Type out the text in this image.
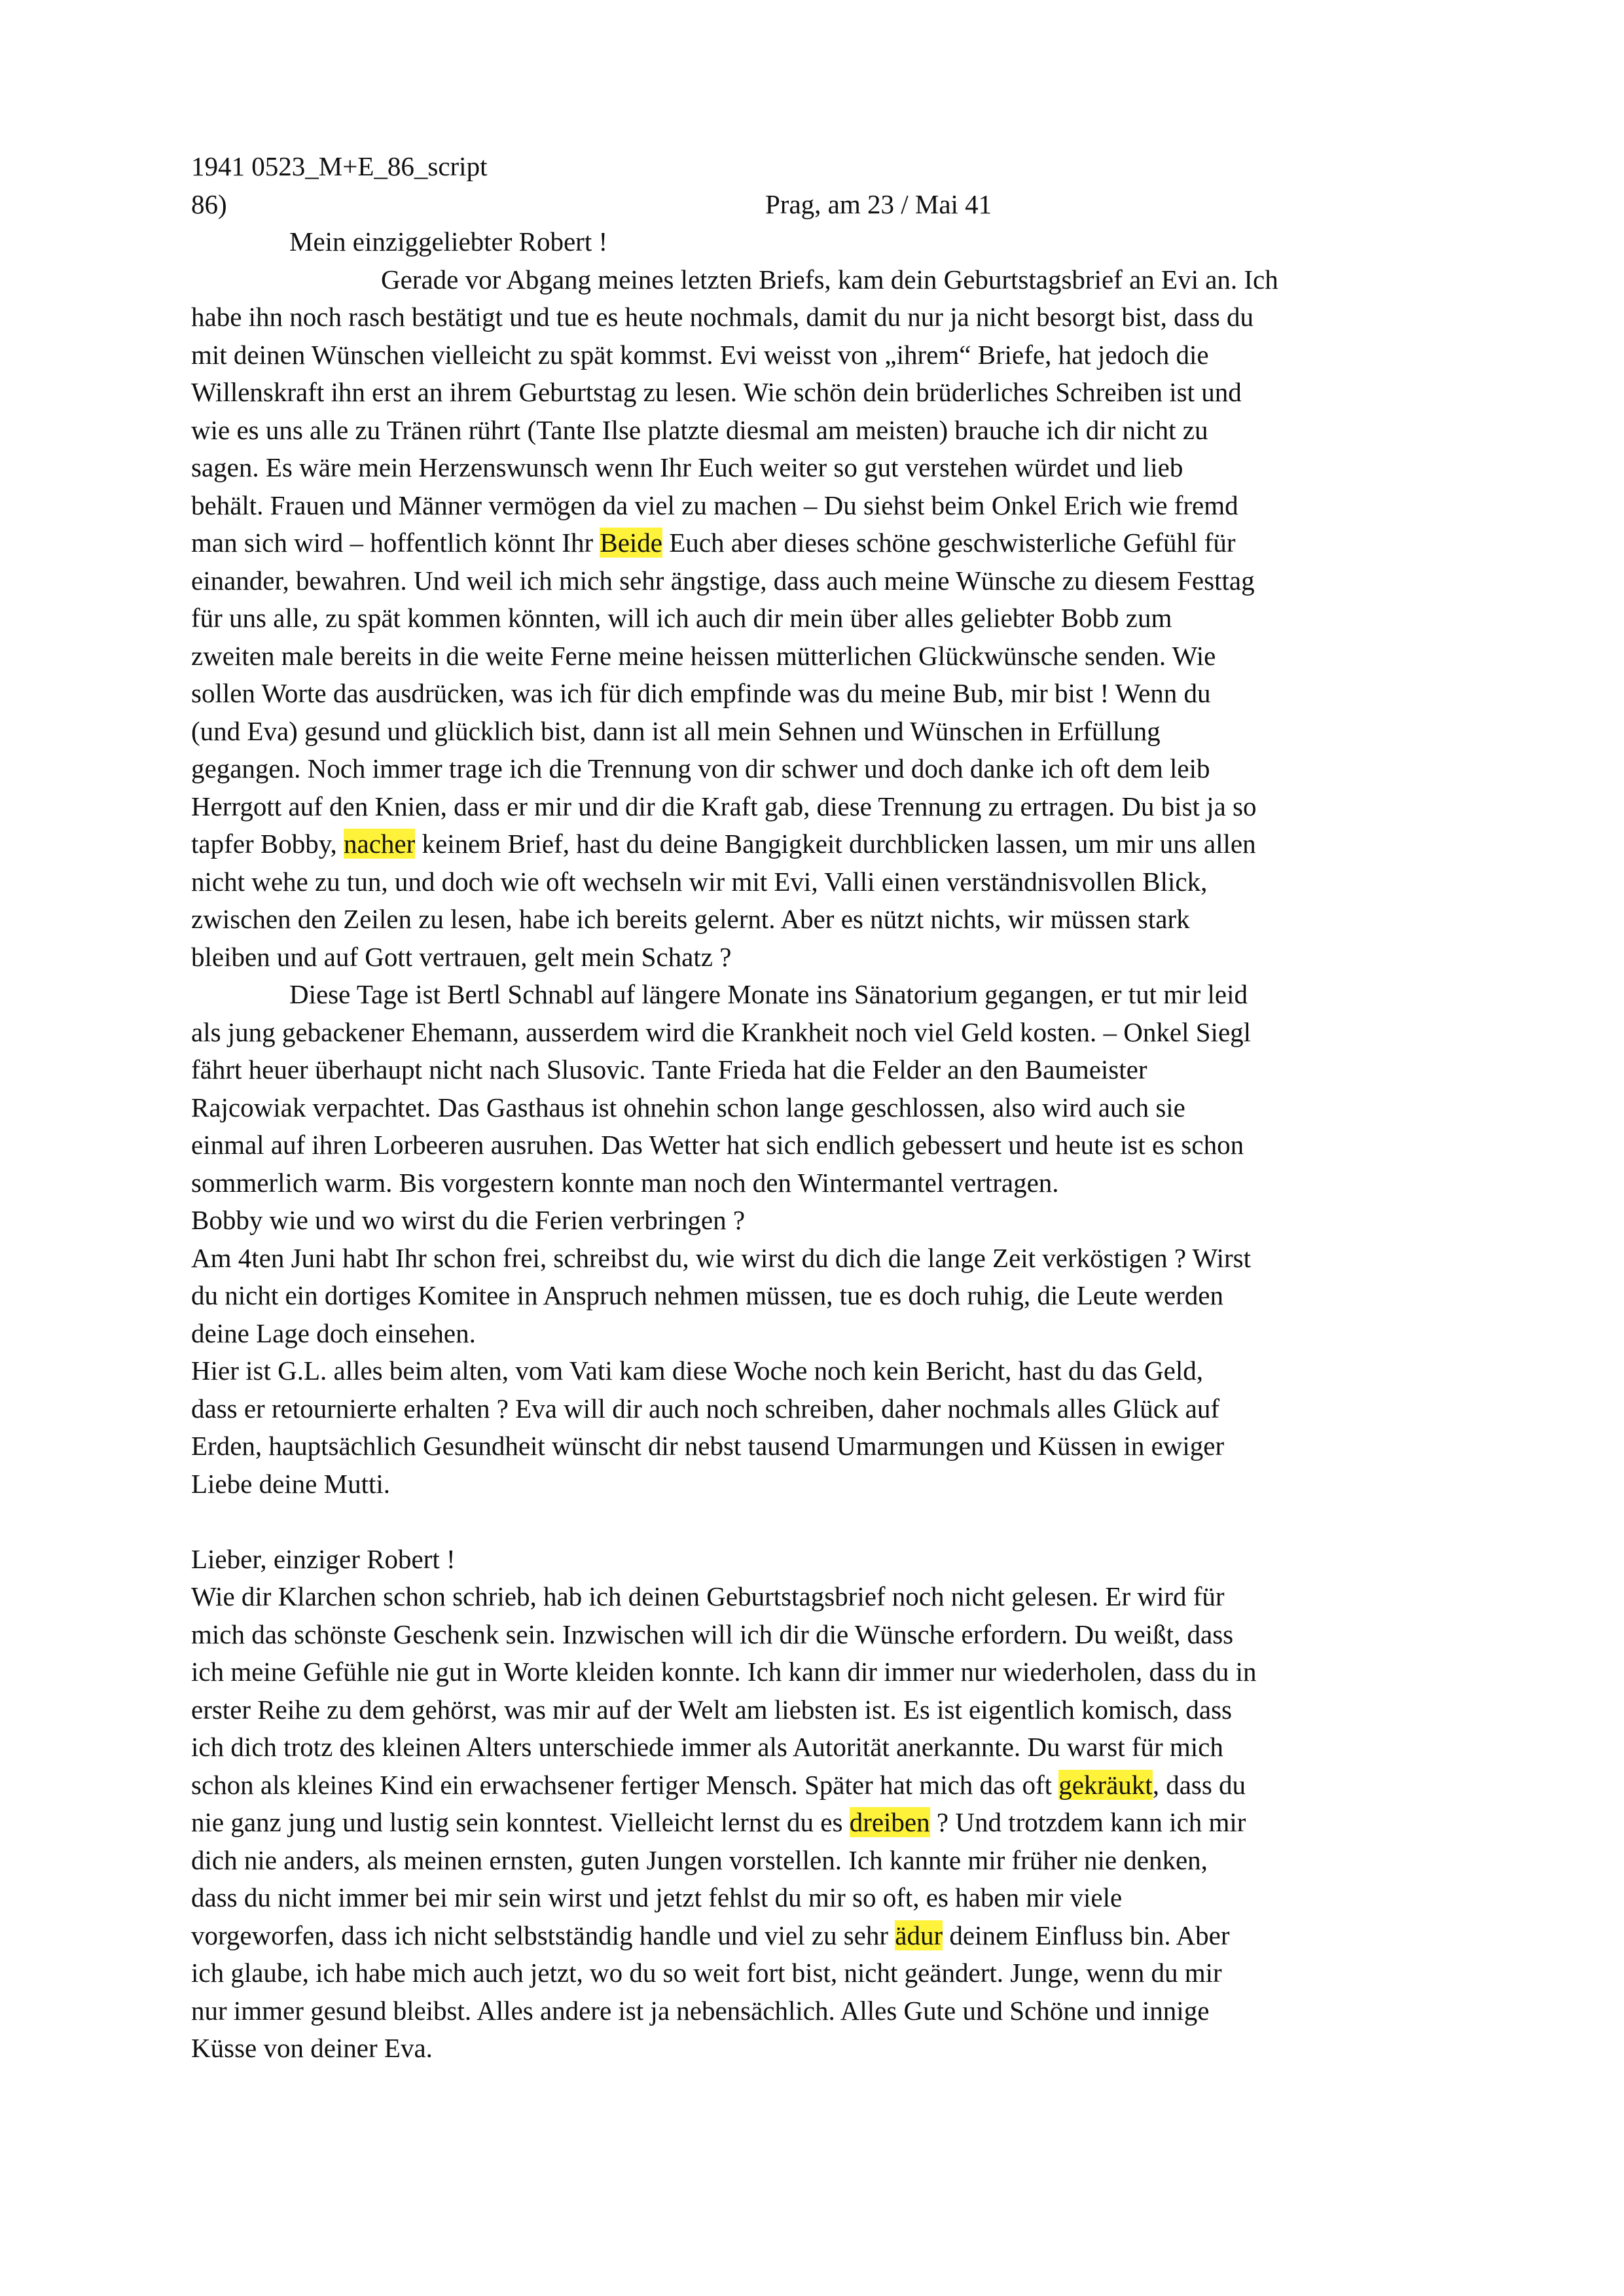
1941 0523_M+E_86_script
86)	Prag, am 23 / Mai 41
Mein einziggeliebter Robert !
Gerade vor Abgang meines letzten Briefs, kam dein Geburtstagsbrief an Evi an. Ich
habe ihn noch rasch bestätigt und tue es heute nochmals, damit du nur ja nicht besorgt bist, dass du
mit deinen Wünschen vielleicht zu spät kommst. Evi weisst von „ihrem“ Briefe, hat jedoch die
Willenskraft ihn erst an ihrem Geburtstag zu lesen. Wie schön dein brüderliches Schreiben ist und
wie es uns alle zu Tränen rührt (Tante Ilse platzte diesmal am meisten) brauche ich dir nicht zu
sagen. Es wäre mein Herzenswunsch wenn Ihr Euch weiter so gut verstehen würdet und lieb
behält. Frauen und Männer vermögen da viel zu machen – Du siehst beim Onkel Erich wie fremd
man sich wird – hoffentlich könnt Ihr Beide Euch aber dieses schöne geschwisterliche Gefühl für
einander, bewahren. Und weil ich mich sehr ängstige, dass auch meine Wünsche zu diesem Festtag
für uns alle, zu spät kommen könnten, will ich auch dir mein über alles geliebter Bobb zum
zweiten male bereits in die weite Ferne meine heissen mütterlichen Glückwünsche senden. Wie
sollen Worte das ausdrücken, was ich für dich empfinde was du meine Bub, mir bist ! Wenn du
(und Eva) gesund und glücklich bist, dann ist all mein Sehnen und Wünschen in Erfüllung
gegangen. Noch immer trage ich die Trennung von dir schwer und doch danke ich oft dem leib
Herrgott auf den Knien, dass er mir und dir die Kraft gab, diese Trennung zu ertragen. Du bist ja so
tapfer Bobby, nacher keinem Brief, hast du deine Bangigkeit durchblicken lassen, um mir uns allen
nicht wehe zu tun, und doch wie oft wechseln wir mit Evi, Valli einen verständnisvollen Blick,
zwischen den Zeilen zu lesen, habe ich bereits gelernt. Aber es nützt nichts, wir müssen stark
bleiben und auf Gott vertrauen, gelt mein Schatz ?
Diese Tage ist Bertl Schnabl auf längere Monate ins Sänatorium gegangen, er tut mir leid
als jung gebackener Ehemann, ausserdem wird die Krankheit noch viel Geld kosten. – Onkel Siegl
fährt heuer überhaupt nicht nach Slusovic. Tante Frieda hat die Felder an den Baumeister
Rajcowiak verpachtet. Das Gasthaus ist ohnehin schon lange geschlossen, also wird auch sie
einmal auf ihren Lorbeeren ausruhen. Das Wetter hat sich endlich gebessert und heute ist es schon
sommerlich warm. Bis vorgestern konnte man noch den Wintermantel vertragen.
Bobby wie und wo wirst du die Ferien verbringen ?
Am 4ten Juni habt Ihr schon frei, schreibst du, wie wirst du dich die lange Zeit verköstigen ? Wirst
du nicht ein dortiges Komitee in Anspruch nehmen müssen, tue es doch ruhig, die Leute werden
deine Lage doch einsehen.
Hier ist G.L. alles beim alten, vom Vati kam diese Woche noch kein Bericht, hast du das Geld,
dass er retournierte erhalten ? Eva will dir auch noch schreiben, daher nochmals alles Glück auf
Erden, hauptsächlich Gesundheit wünscht dir nebst tausend Umarmungen und Küssen in ewiger
Liebe deine Mutti.
Lieber, einziger Robert !
Wie dir Klarchen schon schrieb, hab ich deinen Geburtstagsbrief noch nicht gelesen. Er wird für
mich das schönste Geschenk sein. Inzwischen will ich dir die Wünsche erfordern. Du weißt, dass
ich meine Gefühle nie gut in Worte kleiden konnte. Ich kann dir immer nur wiederholen, dass du in
erster Reihe zu dem gehörst, was mir auf der Welt am liebsten ist. Es ist eigentlich komisch, dass
ich dich trotz des kleinen Alters unterschiede immer als Autorität anerkannte. Du warst für mich
schon als kleines Kind ein erwachsener fertiger Mensch. Später hat mich das oft gekräukt, dass du
nie ganz jung und lustig sein konntest. Vielleicht lernst du es dreiben ? Und trotzdem kann ich mir
dich nie anders, als meinen ernsten, guten Jungen vorstellen. Ich kannte mir früher nie denken,
dass du nicht immer bei mir sein wirst und jetzt fehlst du mir so oft, es haben mir viele
vorgeworfen, dass ich nicht selbstständig handle und viel zu sehr ädur deinem Einfluss bin. Aber
ich glaube, ich habe mich auch jetzt, wo du so weit fort bist, nicht geändert. Junge, wenn du mir
nur immer gesund bleibst. Alles andere ist ja nebensächlich. Alles Gute und Schöne und innige
Küsse von deiner Eva.
